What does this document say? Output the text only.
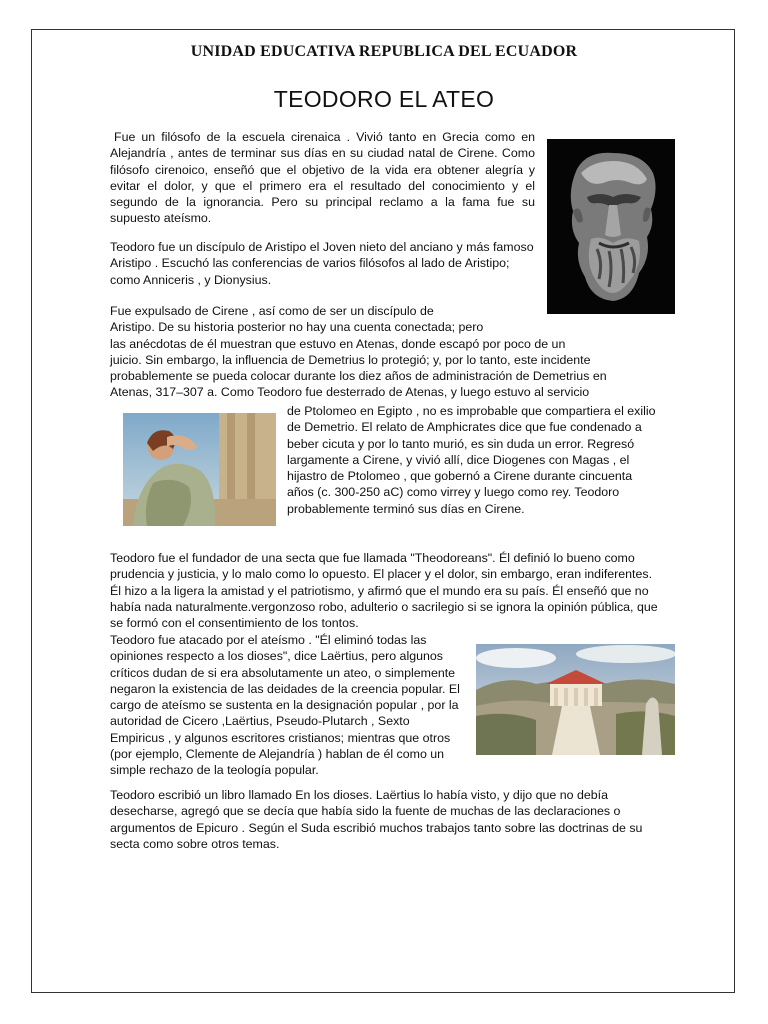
UNIDAD EDUCATIVA REPUBLICA DEL ECUADOR
TEODORO EL ATEO

Fue un filósofo de la escuela cirenaica . Vivió tanto en Grecia como en Alejandría , antes de terminar sus días en su ciudad natal de Cirene. Como filósofo cirenoico, enseñó que el objetivo de la vida era obtener alegría y evitar el dolor, y que el primero era el resultado del conocimiento y el segundo de la ignorancia. Pero su principal reclamo a la fama fue su supuesto ateísmo.

Teodoro fue un discípulo de Aristipo el Joven nieto del anciano y más famoso Aristipo . Escuchó las conferencias de varios filósofos al lado de Aristipo; como Anniceris , y Dionysius.

Fue expulsado de Cirene , así como de ser un discípulo de
Aristipo. De su historia posterior no hay una cuenta conectada; pero
las anécdotas de él muestran que estuvo en Atenas, donde escapó por poco de un
juicio. Sin embargo, la influencia de Demetrius lo protegió; y, por lo tanto, este incidente
probablemente se pueda colocar durante los diez años de administración de Demetrius en
Atenas, 317–307 a. Como Teodoro fue desterrado de Atenas, y luego estuvo al servicio

de Ptolomeo en Egipto , no es improbable que compartiera el exilio de Demetrio. El relato de Amphicrates dice que fue condenado a beber cicuta y por lo tanto murió, es sin duda un error. Regresó largamente a Cirene, y vivió allí, dice Diogenes con Magas , el hijastro de Ptolomeo , que gobernó a Cirene durante cincuenta años (c. 300-250 aC) como virrey y luego como rey. Teodoro probablemente terminó sus días en Cirene.

Teodoro fue el fundador de una secta que fue llamada "Theodoreans". Él definió lo bueno como prudencia y justicia, y lo malo como lo opuesto. El placer y el dolor, sin embargo, eran indiferentes. Él hizo a la ligera la amistad y el patriotismo, y afirmó que el mundo era su país. Él enseñó que no había nada naturalmente.vergonzoso robo, adulterio o sacrilegio si se ignora la opinión pública, que se formó con el consentimiento de los tontos.

Teodoro fue atacado por el ateísmo . "Él eliminó todas las opiniones respecto a los dioses", dice Laërtius, pero algunos críticos dudan de si era absolutamente un ateo, o simplemente negaron la existencia de las deidades de la creencia popular. El cargo de ateísmo se sustenta en la designación popular , por la autoridad de Cicero ,Laërtius, Pseudo-Plutarch , Sexto Empiricus , y algunos escritores cristianos; mientras que otros (por ejemplo, Clemente de Alejandría ) hablan de él como un simple rechazo de la teología popular.

Teodoro escribió un libro llamado En los dioses. Laërtius lo había visto, y dijo que no debía desecharse, agregó que se decía que había sido la fuente de muchas de las declaraciones o argumentos de Epicuro . Según el Suda escribió muchos trabajos tanto sobre las doctrinas de su secta como sobre otros temas.
